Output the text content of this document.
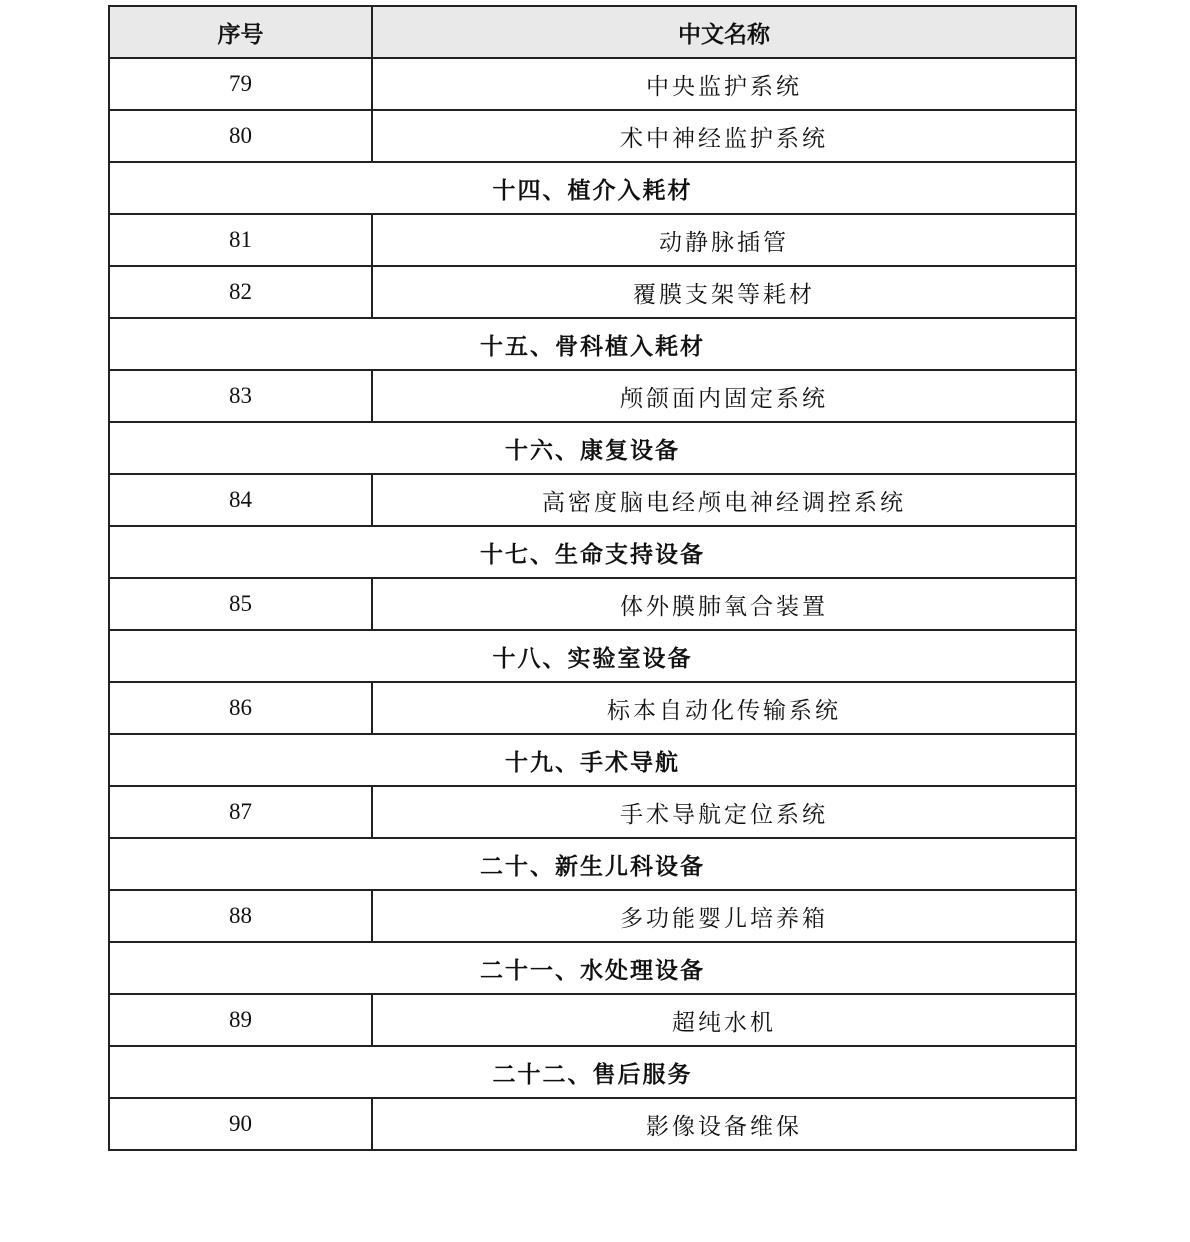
序号	中文名称
79	中央监护系统
80	术中神经监护系统
十四、植介入耗材	
81	动静脉插管
82	覆膜支架等耗材
十五、骨科植入耗材	
83	颅颌面内固定系统
十六、康复设备	
84	高密度脑电经颅电神经调控系统
十七、生命支持设备	
85	体外膜肺氧合装置
十八、实验室设备	
86	标本自动化传输系统
十九、手术导航	
87	手术导航定位系统
二十、新生儿科设备	
88	多功能婴儿培养箱
二十一、水处理设备	
89	超纯水机
二十二、售后服务	
90	影像设备维保
